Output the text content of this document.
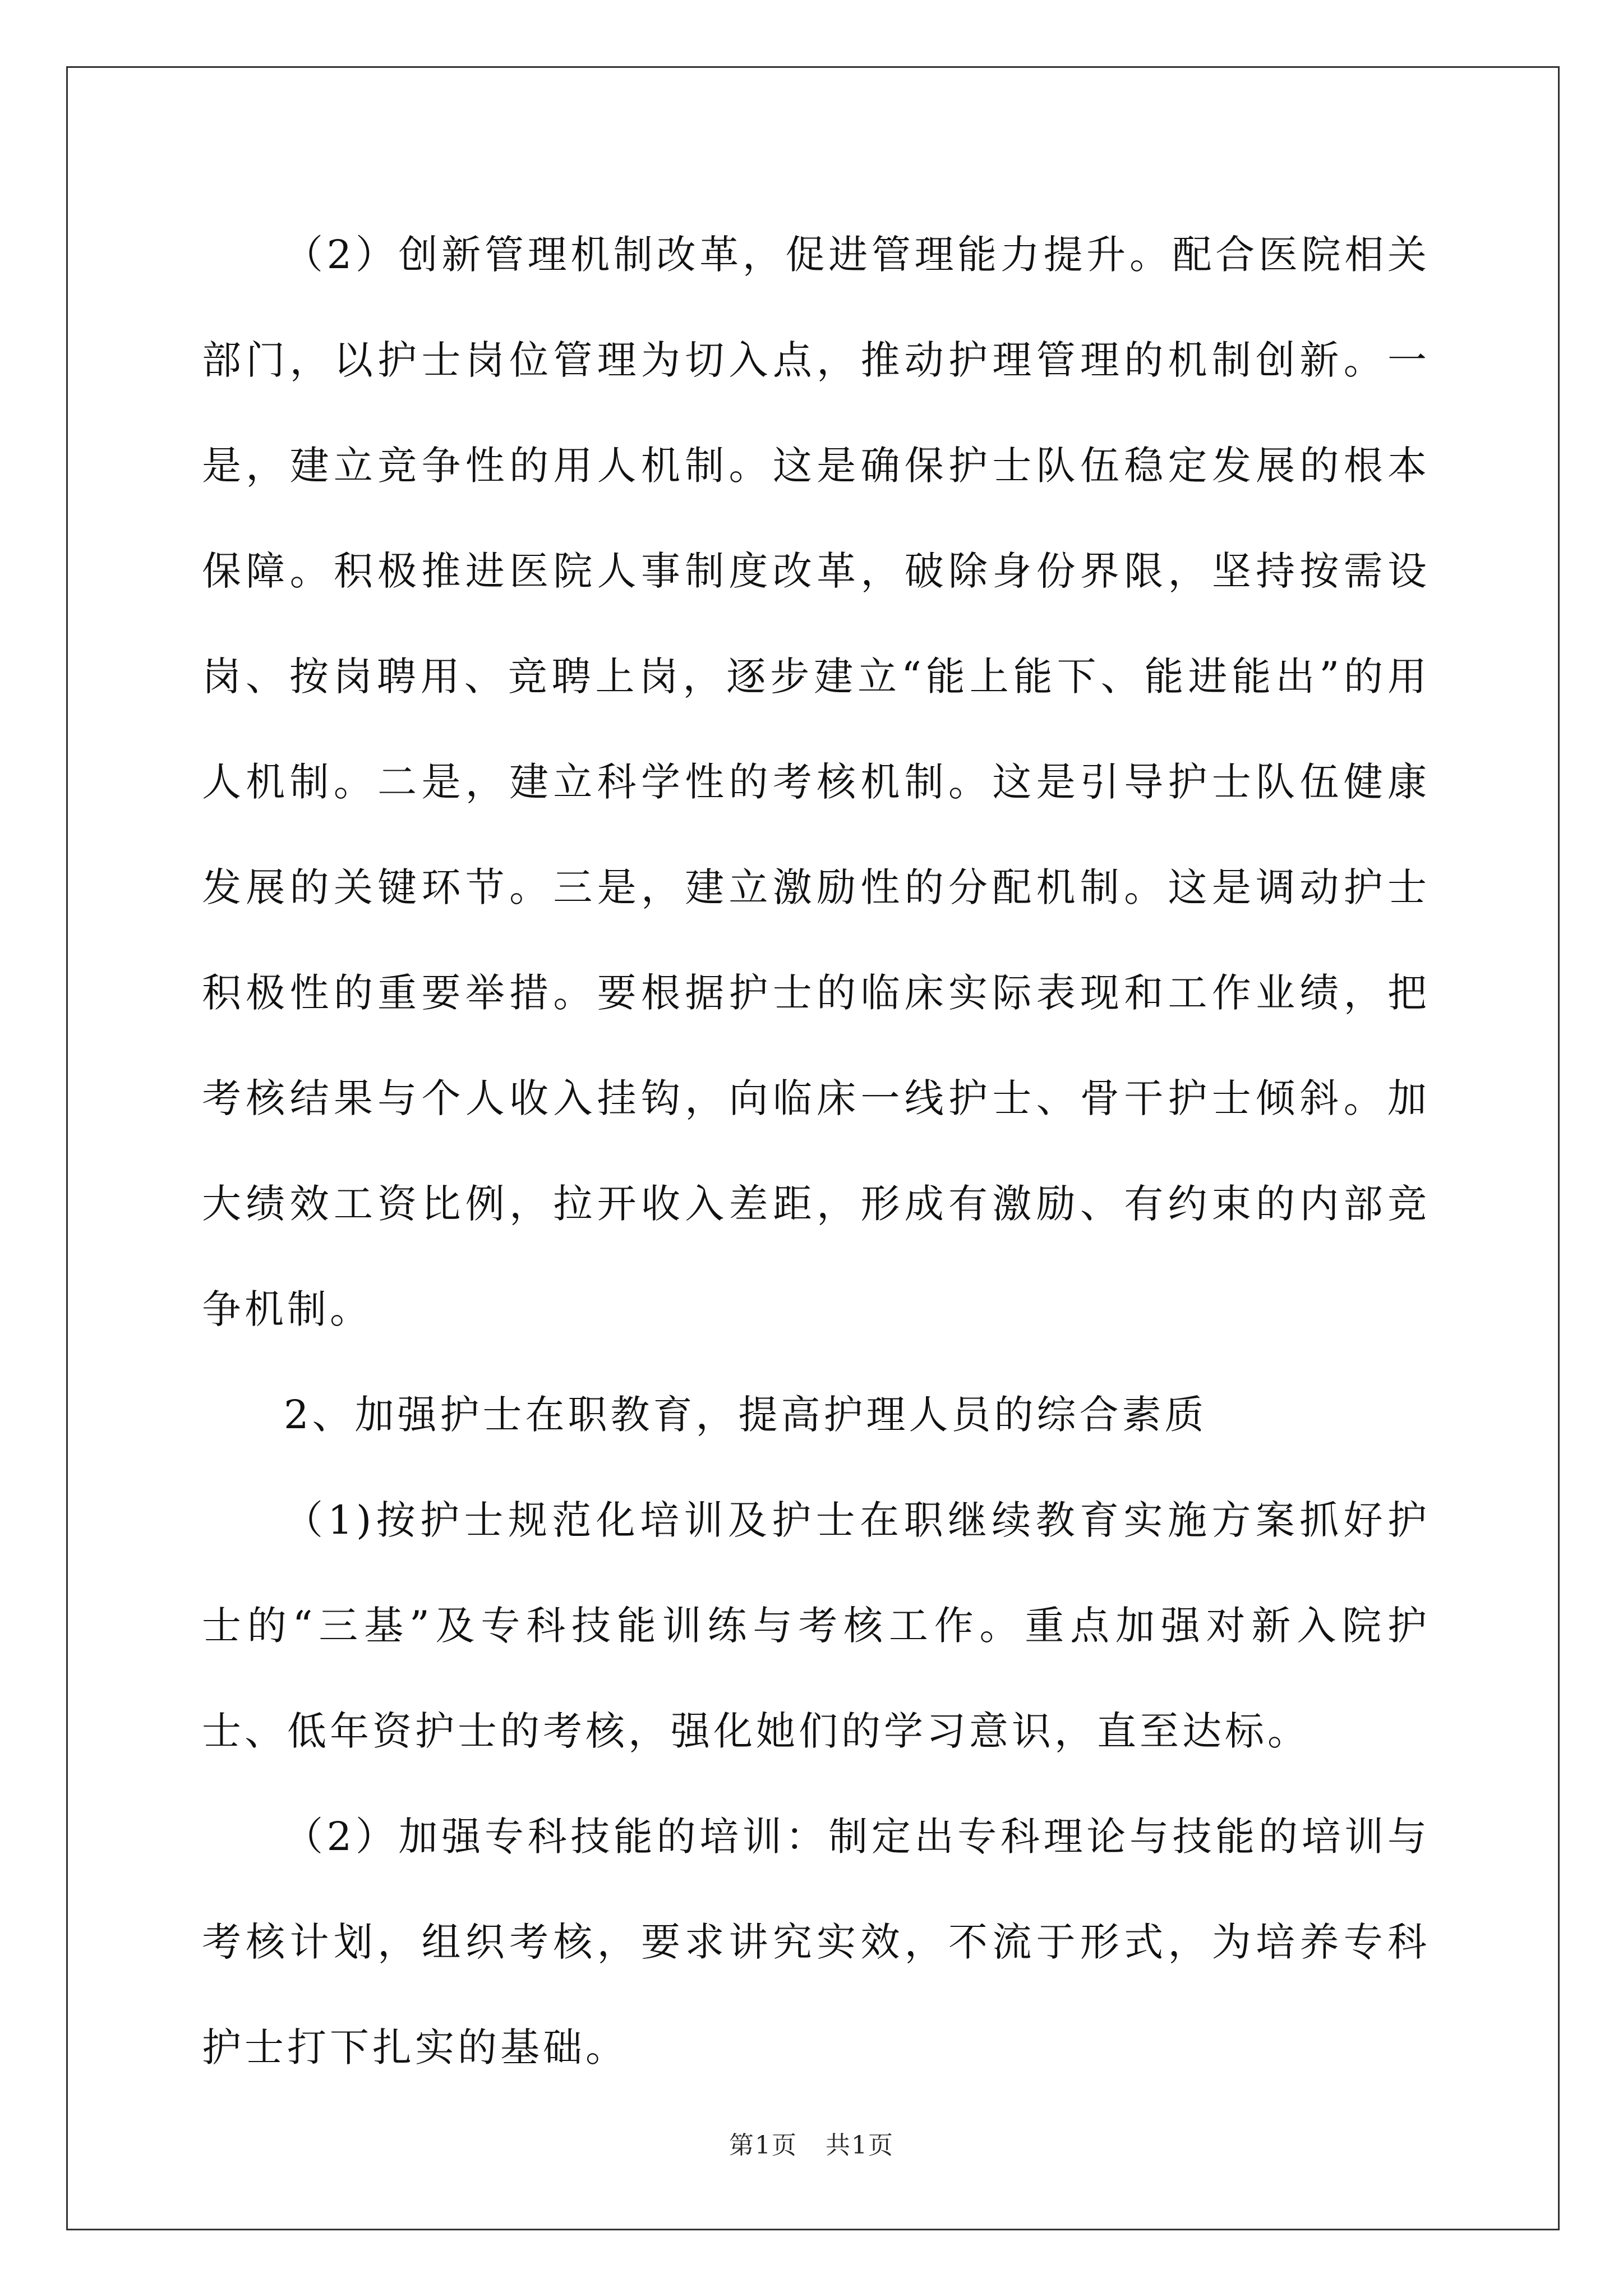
（2）创新管理机制改革，促进管理能力提升。配合医院相关部门，以护士岗位管理为切入点，推动护理管理的机制创新。一是，建立竞争性的用人机制。这是确保护士队伍稳定发展的根本保障。积极推进医院人事制度改革，破除身份界限，坚持按需设岗、按岗聘用、竞聘上岗，逐步建立“能上能下、能进能出”的用人机制。二是，建立科学性的考核机制。这是引导护士队伍健康发展的关键环节。三是，建立激励性的分配机制。这是调动护士积极性的重要举措。要根据护士的临床实际表现和工作业绩，把考核结果与个人收入挂钩，向临床一线护士、骨干护士倾斜。加大绩效工资比例，拉开收入差距，形成有激励、有约束的内部竞争机制。

2、加强护士在职教育，提高护理人员的综合素质

（1)按护士规范化培训及护士在职继续教育实施方案抓好护士的“三基”及专科技能训练与考核工作。重点加强对新入院护士、低年资护士的考核，强化她们的学习意识，直至达标。

（2）加强专科技能的培训：制定出专科理论与技能的培训与考核计划，组织考核，要求讲究实效，不流于形式，为培养专科护士打下扎实的基础。

第1页 共1页
